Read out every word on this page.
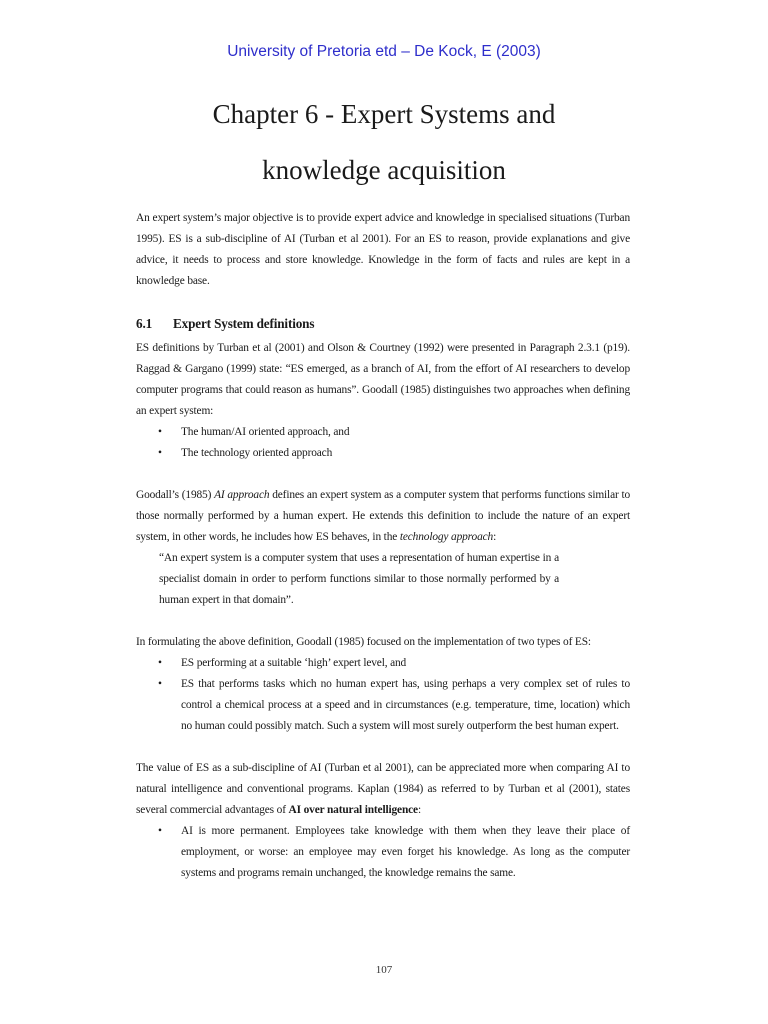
University of Pretoria etd – De Kock, E (2003)
Chapter 6 - Expert Systems and
knowledge acquisition

An expert system’s major objective is to provide expert advice and knowledge in specialised situations (Turban 1995). ES is a sub-discipline of AI (Turban et al 2001). For an ES to reason, provide explanations and give advice, it needs to process and store knowledge. Knowledge in the form of facts and rules are kept in a knowledge base.

6.1 Expert System definitions

ES definitions by Turban et al (2001) and Olson & Courtney (1992) were presented in Paragraph 2.3.1 (p19). Raggad & Gargano (1999) state: “ES emerged, as a branch of AI, from the effort of AI researchers to develop computer programs that could reason as humans”. Goodall (1985) distinguishes two approaches when defining an expert system:

• The human/AI oriented approach, and
• The technology oriented approach

Goodall’s (1985) AI approach defines an expert system as a computer system that performs functions similar to those normally performed by a human expert. He extends this definition to include the nature of an expert system, in other words, he includes how ES behaves, in the technology approach:

“An expert system is a computer system that uses a representation of human expertise in a specialist domain in order to perform functions similar to those normally performed by a human expert in that domain”.

In formulating the above definition, Goodall (1985) focused on the implementation of two types of ES:

• ES performing at a suitable ‘high’ expert level, and
• ES that performs tasks which no human expert has, using perhaps a very complex set of rules to control a chemical process at a speed and in circumstances (e.g. temperature, time, location) which no human could possibly match. Such a system will most surely outperform the best human expert.

The value of ES as a sub-discipline of AI (Turban et al 2001), can be appreciated more when comparing AI to natural intelligence and conventional programs. Kaplan (1984) as referred to by Turban et al (2001), states several commercial advantages of AI over natural intelligence:

• AI is more permanent. Employees take knowledge with them when they leave their place of employment, or worse: an employee may even forget his knowledge. As long as the computer systems and programs remain unchanged, the knowledge remains the same.
107
